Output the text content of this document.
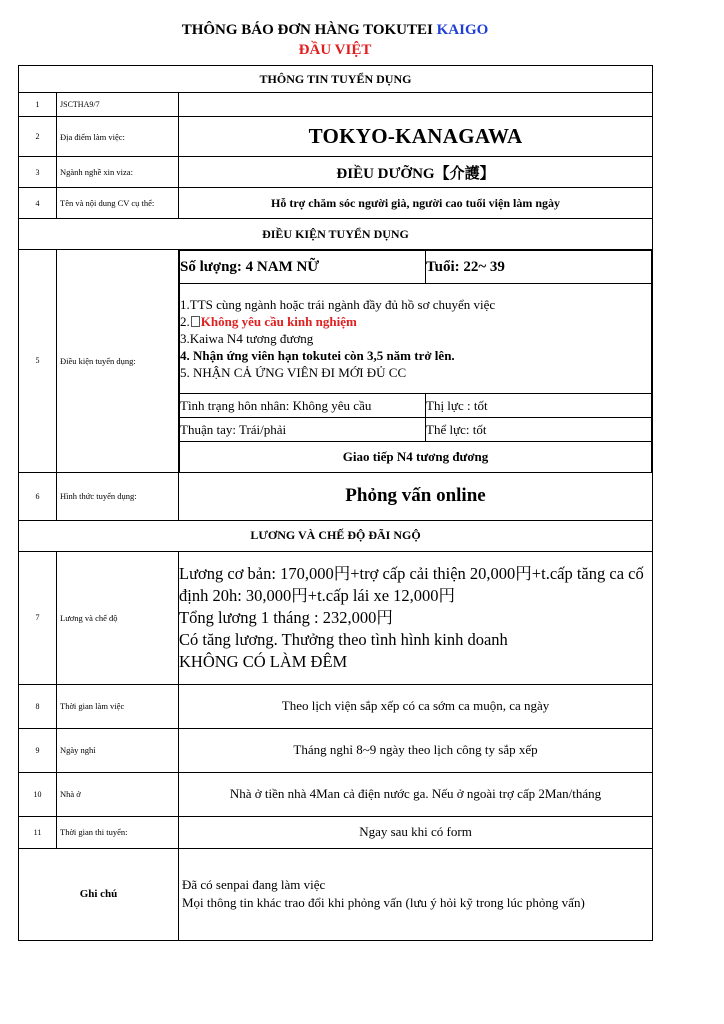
THÔNG BÁO ĐƠN HÀNG TOKUTEI KAIGO
ĐẦU VIỆT
THÔNG TIN TUYỂN DỤNG
1	JSCTHA9/7	
2	Địa điểm làm việc:	TOKYO-KANAGAWA
3	Ngành nghề xin viza:	ĐIỀU DƯỠNG【介護】
4	Tên và nội dung CV cụ thể:	Hỗ trợ chăm sóc người già, người cao tuổi viện làm ngày
ĐIỀU KIỆN TUYỂN DỤNG
5	Điều kiện tuyển dụng:	
Số lượng: 4 NAM NỮ	Tuổi: 22~ 39

1.TTS cùng ngành hoặc trái ngành đầy đủ hồ sơ chuyển việc
2. Không yêu cầu kinh nghiệm
3.Kaiwa N4 tương đương
4. Nhận ứng viên hạn tokutei còn 3,5 năm trở lên.
5. NHẬN CẢ ỨNG VIÊN ĐI MỚI ĐỦ CC

Tình trạng hôn nhân: Không yêu cầu	Thị lực : tốt
Thuận tay: Trái/phải	Thể lực: tốt
Giao tiếp N4 tương đương

6	Hình thức tuyển dụng:	Phỏng vấn online
LƯƠNG VÀ CHẾ ĐỘ ĐÃI NGỘ
7	Lương và chế độ	
Lương cơ bản: 170,000円+trợ cấp cải thiện 20,000円+t.cấp tăng ca cố định 20h: 30,000円+t.cấp lái xe 12,000円
Tổng lương 1 tháng : 232,000円
Có tăng lương. Thưởng theo tình hình kinh doanh
KHÔNG CÓ LÀM ĐÊM

8	Thời gian làm việc	Theo lịch viện sắp xếp có ca sớm ca muộn, ca ngày
9	Ngày nghỉ	Tháng nghỉ 8~9 ngày theo lịch công ty sắp xếp
10	Nhà ở	Nhà ở tiền nhà 4Man cả điện nước ga. Nếu ở ngoài trợ cấp 2Man/tháng
11	Thời gian thi tuyển:	Ngay sau khi có form
Ghi chú	
Đã có senpai đang làm việc
Mọi thông tin khác trao đổi khi phỏng vấn (lưu ý hỏi kỹ trong lúc phỏng vấn)
